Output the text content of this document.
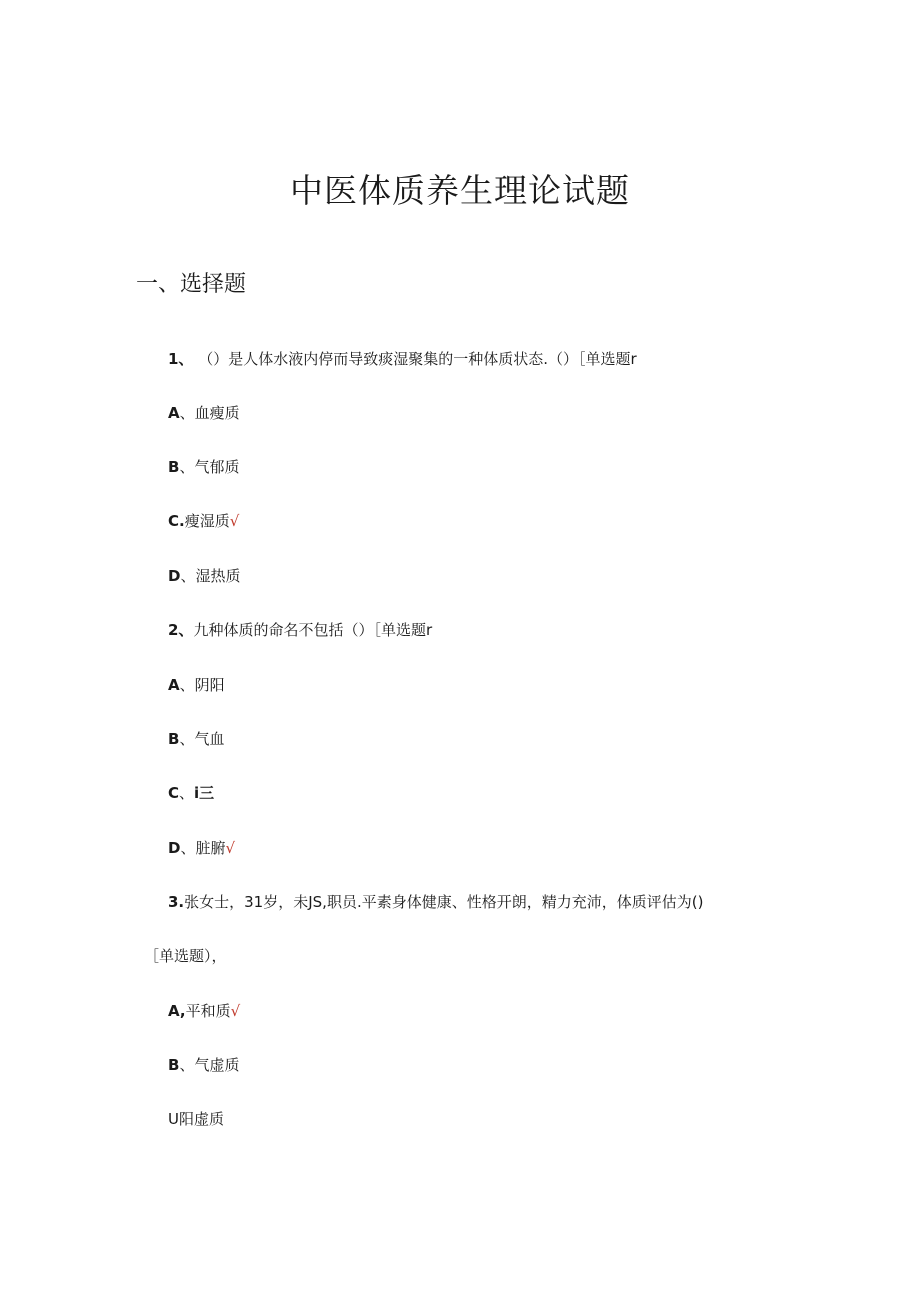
中医体质养生理论试题
一、选择题
1、 （）是人体水液内停而导致痰湿聚集的一种体质状态.（）［单选题r
A、血瘦质
B、气郁质
C.瘦湿质√
D、湿热质
2、九种体质的命名不包括（）［单选题r
A、阴阳
B、气血
C、i三
D、脏腑√
3.张女士，31岁，未JS,职员.平素身体健康、性格开朗，精力充沛，体质评估为()
［单选题），
A,平和质√
B、气虚质
U阳虚质
